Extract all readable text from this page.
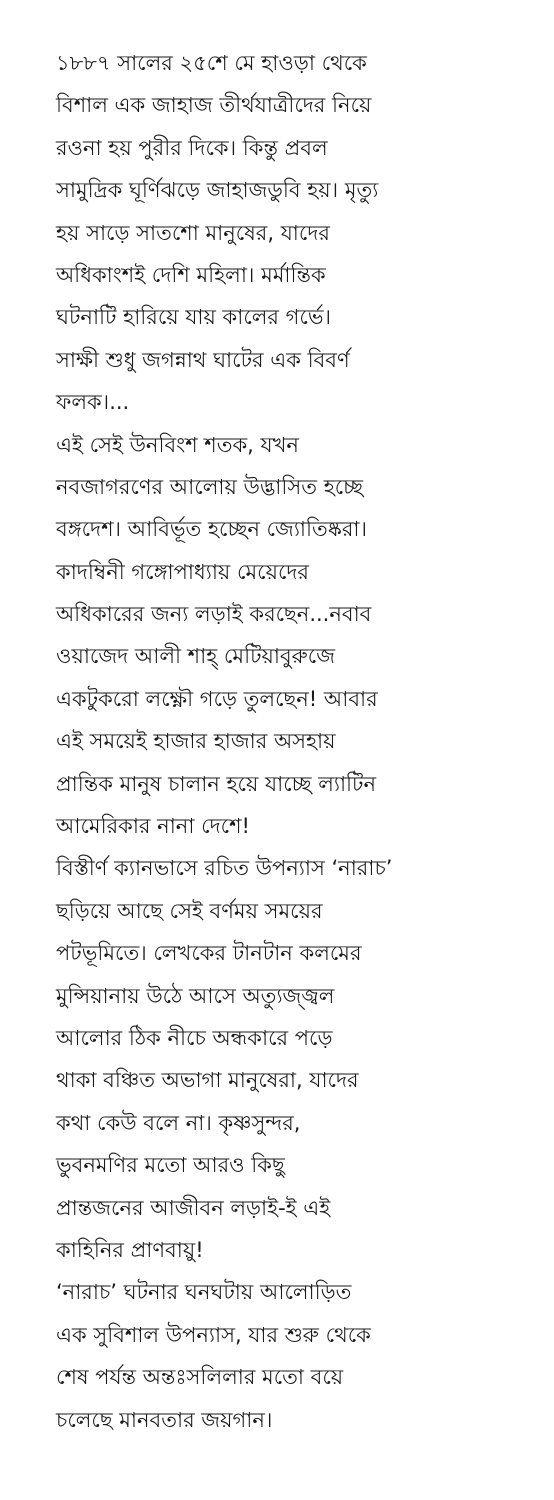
১৮৮৭ সালের ২৫শে মে হাওড়া থেকে
বিশাল এক জাহাজ তীর্থযাত্রীদের নিয়ে
রওনা হয় পুরীর দিকে। কিন্তু প্রবল
সামুদ্রিক ঘূর্ণিঝড়ে জাহাজডুবি হয়। মৃত্যু
হয় সাড়ে সাতশো মানুষের, যাদের
অধিকাংশই দেশি মহিলা। মর্মান্তিক
ঘটনাটি হারিয়ে যায় কালের গর্ভে।
সাক্ষী শুধু জগন্নাথ ঘাটের এক বিবর্ণ
ফলক।...
এই সেই উনবিংশ শতক, যখন
নবজাগরণের আলোয় উদ্ভাসিত হচ্ছে
বঙ্গদেশ। আবির্ভূত হচ্ছেন জ্যোতিষ্করা।
কাদম্বিনী গঙ্গোপাধ্যায় মেয়েদের
অধিকারের জন্য লড়াই করছেন...নবাব
ওয়াজেদ আলী শাহ্ মেটিয়াবুরুজে
একটুকরো লক্ষ্ণৌ গড়ে তুলছেন! আবার
এই সময়েই হাজার হাজার অসহায়
প্রান্তিক মানুষ চালান হয়ে যাচ্ছে ল্যাটিন
আমেরিকার নানা দেশে!
বিস্তীর্ণ ক্যানভাসে রচিত উপন্যাস ‘নারাচ’
ছড়িয়ে আছে সেই বর্ণময় সময়ের
পটভূমিতে। লেখকের টানটান কলমের
মুন্সিয়ানায় উঠে আসে অত্যুজ্জ্বল
আলোর ঠিক নীচে অন্ধকারে পড়ে
থাকা বঞ্চিত অভাগা মানুষেরা, যাদের
কথা কেউ বলে না। কৃষ্ণসুন্দর,
ভুবনমণির মতো আরও কিছু
প্রান্তজনের আজীবন লড়াই-ই এই
কাহিনির প্রাণবায়ু!
‘নারাচ’ ঘটনার ঘনঘটায় আলোড়িত
এক সুবিশাল উপন্যাস, যার শুরু থেকে
শেষ পর্যন্ত অন্তঃসলিলার মতো বয়ে
চলেছে মানবতার জয়গান।
